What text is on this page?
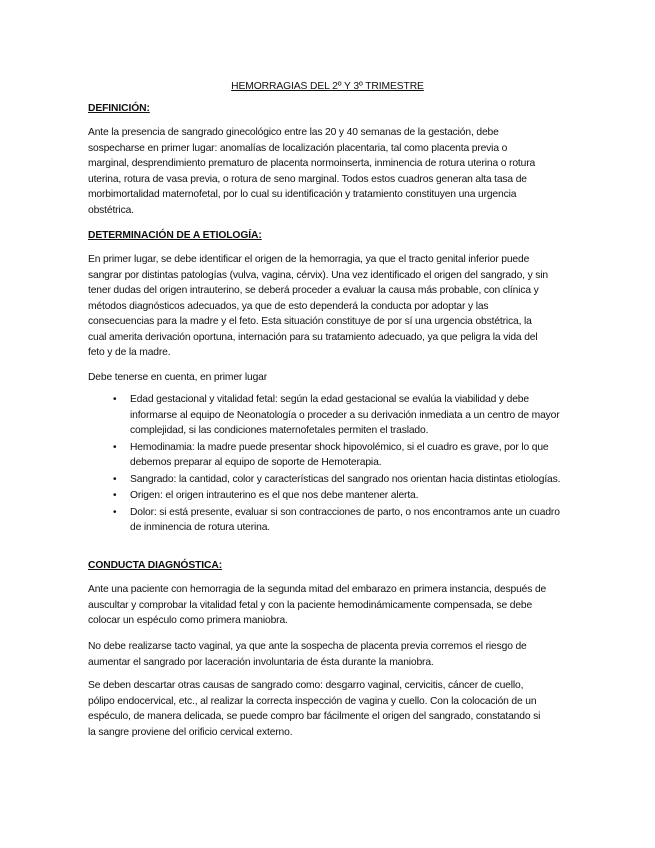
HEMORRAGIAS DEL 2º Y 3º TRIMESTRE
DEFINICIÓN:

Ante la presencia de sangrado ginecológico entre las 20 y 40 semanas de la gestación, debe sospecharse en primer lugar: anomalías de localización placentaria, tal como placenta previa o marginal, desprendimiento prematuro de placenta normoinserta, inminencia de rotura uterina o rotura uterina, rotura de vasa previa, o rotura de seno marginal. Todos estos cuadros generan alta tasa de morbimortalidad maternofetal, por lo cual su identificación y tratamiento constituyen una urgencia obstétrica.

DETERMINACIÓN DE A ETIOLOGÍA:

En primer lugar, se debe identificar el origen de la hemorragia, ya que el tracto genital inferior puede sangrar por distintas patologías (vulva, vagina, cérvix). Una vez identificado el origen del sangrado, y sin tener dudas del origen intrauterino, se deberá proceder a evaluar la causa más probable, con clínica y métodos diagnósticos adecuados, ya que de esto dependerá la conducta por adoptar y las consecuencias para la madre y el feto. Esta situación constituye de por sí una urgencia obstétrica, la cual amerita derivación oportuna, internación para su tratamiento adecuado, ya que peligra la vida del feto y de la madre.

Debe tenerse en cuenta, en primer lugar

• Edad gestacional y vitalidad fetal: según la edad gestacional se evalúa la viabilidad y debe informarse al equipo de Neonatología o proceder a su derivación inmediata a un centro de mayor complejidad, si las condiciones maternofetales permiten el traslado.
• Hemodinamia: la madre puede presentar shock hipovolémico, si el cuadro es grave, por lo que debemos preparar al equipo de soporte de Hemoterapia.
• Sangrado: la cantidad, color y características del sangrado nos orientan hacia distintas etiologías.
• Origen: el origen intrauterino es el que nos debe mantener alerta.
• Dolor: si está presente, evaluar si son contracciones de parto, o nos encontramos ante un cuadro de inminencia de rotura uterina.
CONDUCTA DIAGNÓSTICA:

Ante una paciente con hemorragia de la segunda mitad del embarazo en primera instancia, después de auscultar y comprobar la vitalidad fetal y con la paciente hemodinámicamente compensada, se debe colocar un espéculo como primera maniobra.

No debe realizarse tacto vaginal, ya que ante la sospecha de placenta previa corremos el riesgo de aumentar el sangrado por laceración involuntaria de ésta durante la maniobra.

Se deben descartar otras causas de sangrado como: desgarro vaginal, cervicitis, cáncer de cuello, pólipo endocervical, etc., al realizar la correcta inspección de vagina y cuello. Con la colocación de un espéculo, de manera delicada, se puede compro bar fácilmente el origen del sangrado, constatando si la sangre proviene del orificio cervical externo.
